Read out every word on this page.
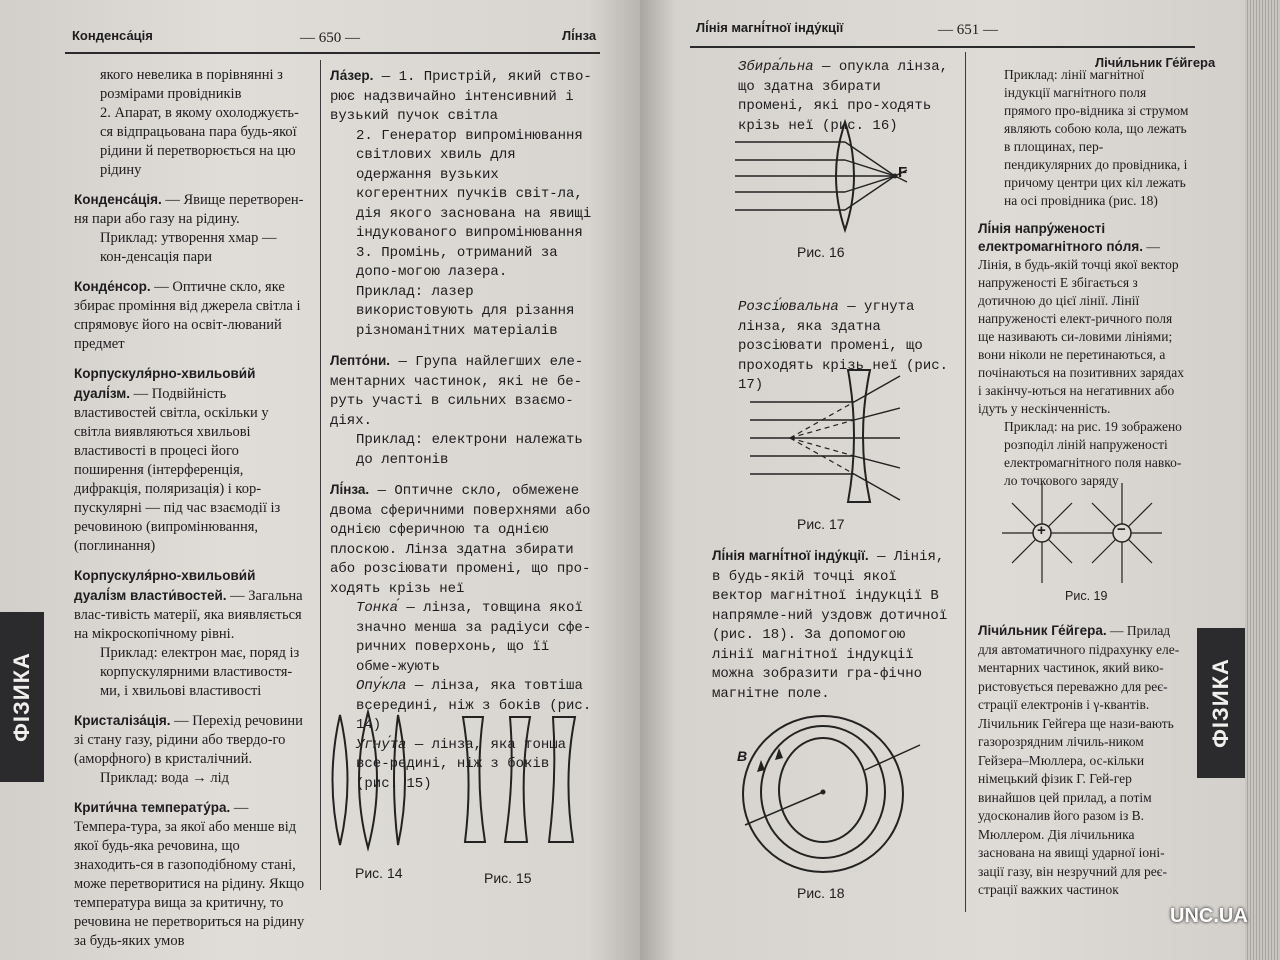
Конденса́ція	— 650 —	Лі́нза
ФІЗИКА

якого невелика в порівнянні з розмірами провідників
2. Апарат, в якому охолоджуєть-ся відпрацьована пара будь-якої рідини й перетворюється на цю рідину

Конденса́ція. — Явище перетворен-ня пари або газу на рідину.
Приклад: утворення хмар — кон-денсація пари

Конде́нсор. — Оптичне скло, яке збирає проміння від джерела світла і спрямовує його на освіт-люваний предмет

Корпускуля́рно-хвильови́й дуалі́зм. — Подвійність властивостей світла, оскільки у світла виявляються хвильові властивості в процесі його поширення (інтерференція, дифракція, поляризація) і кор-пускулярні — під час взаємодії із речовиною (випромінювання, (поглинання)

Корпускуля́рно-хвильови́й дуалі́зм власти́востей. — Загальна влас-тивість матерії, яка виявляється на мікроскопічному рівні.
Приклад: електрон має, поряд із корпускулярними властивостя-ми, і хвильові властивості

Кристаліза́ція. — Перехід речовини зі стану газу, рідини або твердо-го (аморфного) в кристалічний.
Приклад: вода → лід

Крити́чна температу́ра. — Темпера-тура, за якої або менше від якої будь-яка речовина, що знаходить-ся в газоподібному стані, може перетворитися на рідину. Якщо температура вища за критичну, то речовина не перетвориться на рідину за будь-яких умов

Ла́зер. — 1. Пристрій, який ство-рює надзвичайно інтенсивний і вузький пучок світла
2. Генератор випромінювання світлових хвиль для одержання вузьких когерентних пучків світ-ла, дія якого заснована на явищі індукованого випромінювання
3. Промінь, отриманий за допо-могою лазера.
Приклад: лазер використовують для різання різноманітних матеріалів

Лепто́ни. — Група найлегших еле-ментарних частинок, які не бе-руть участі в сильних взаємо-діях.
Приклад: електрони належать до лептонів

Лі́нза. — Оптичне скло, обмежене двома сферичними поверхнями або однією сферичною та однією плоскою. Лінза здатна збирати або розсіювати промені, що про-ходять крізь неї
Тонка́ — лінза, товщина якої значно менша за радіуси сфе-ричних поверхонь, що її обме-жують
Опу́кла — лінза, яка товтіша всередині, ніж з боків (рис. 14)
Угну́та — лінза, яка тонша все-редині, ніж з боків (рис. 15)

Рис. 14	Рис. 15
Лі́нія магні́тної інду́кції	— 651 —
Лічи́льник Ге́йгера
ФІЗИКА

Збира́льна — опукла лінза, що здатна збирати промені, які про-ходять крізь неї (рис. 16)

F
Рис. 16

Розсі́ювальна — угнута лінза, яка здатна розсіювати промені, що проходять крізь неї (рис. 17)

Рис. 17

Лі́нія магні́тної інду́кції. — Лінія, в будь-якій точці якої вектор магнітної індукції B напрямле-ний уздовж дотичної (рис. 18). За допомогою лінії магнітної індукції можна зобразити гра-фічно магнітне поле.

B
Рис. 18

Приклад: лінії магнітної індукції магнітного поля прямого про-відника зі струмом являють собою кола, що лежать в площинах, пер-пендикулярних до провідника, і причому центри цих кіл лежать на осі провідника (рис. 18)

Лі́нія напру́женості електромагнітного по́ля. — Лінія, в будь-якій точці якої вектор напруженості E збігається з дотичною до цієї лінії. Лінії напруженості елект-ричного поля ще називають си-ловими лініями; вони ніколи не перетинаються, а почінаються на позитивних зарядах і закінчу-ються на негативних або ідуть у нескінченність.
Приклад: на рис. 19 зображено розподіл ліній напруженості електромагнітного поля навко-ло точкового заряду

+	−
Рис. 19

Лічи́льник Ге́йгера. — Прилад для автоматичного підрахунку еле-ментарних частинок, який вико-ристовується переважно для реє-страції електронів і γ-квантів. Лічильник Гейгера ще нази-вають газорозрядним лічиль-ником Гейзера–Мюллера, ос-кільки німецький фізик Г. Гей-гер винайшов цей прилад, а потім удосконалив його разом із В. Мюллером. Дія лічильника заснована на явищі ударної іоні-зації газу, він незручний для реє-страції важких частинок

UNC.UA
